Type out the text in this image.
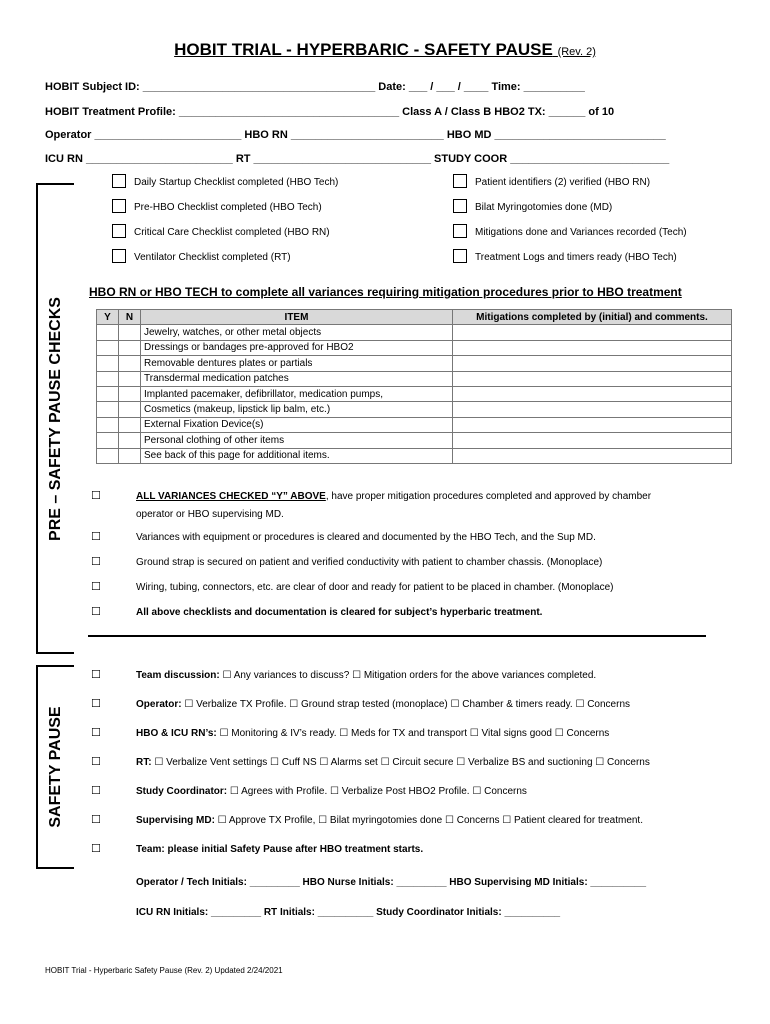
HOBIT TRIAL - HYPERBARIC - SAFETY PAUSE (Rev. 2)
HOBIT Subject ID: ______________________________________ Date: ___ / ___ / ____ Time: __________
HOBIT Treatment Profile: ____________________________________ Class A / Class B HBO2 TX: ______ of 10
Operator ________________________ HBO RN _________________________ HBO MD ____________________________
ICU RN ________________________ RT _____________________________ STUDY COOR __________________________
PRE – SAFETY PAUSE CHECKS
SAFETY PAUSE
Daily Startup Checklist completed (HBO Tech)
Pre-HBO Checklist completed (HBO Tech)
Critical Care Checklist completed (HBO RN)
Ventilator Checklist completed (RT)
Patient identifiers (2) verified (HBO RN)
Bilat Myringotomies done (MD)
Mitigations done and Variances recorded (Tech)
Treatment Logs and timers ready (HBO Tech)
HBO RN or HBO TECH to complete all variances requiring mitigation procedures prior to HBO treatment
Y	N	ITEM	Mitigations completed by (initial) and comments.
		Jewelry, watches, or other metal objects	
		Dressings or bandages pre-approved for HBO2	
		Removable dentures plates or partials	
		Transdermal medication patches	
		Implanted pacemaker, defibrillator, medication pumps,	
		Cosmetics (makeup, lipstick lip balm, etc.)	
		External Fixation Device(s)	
		Personal clothing of other items	
		See back of this page for additional items.	
☐	ALL VARIANCES CHECKED “Y” ABOVE, have proper mitigation procedures completed and approved by chamber
operator or HBO supervising MD.
☐	Variances with equipment or procedures is cleared and documented by the HBO Tech, and the Sup MD.
☐	Ground strap is secured on patient and verified conductivity with patient to chamber chassis. (Monoplace)
☐	Wiring, tubing, connectors, etc. are clear of door and ready for patient to be placed in chamber. (Monoplace)
☐	All above checklists and documentation is cleared for subject’s hyperbaric treatment.
☐	Team discussion: ☐ Any variances to discuss? ☐ Mitigation orders for the above variances completed.
☐	Operator: ☐ Verbalize TX Profile. ☐ Ground strap tested (monoplace) ☐ Chamber & timers ready. ☐ Concerns
☐	HBO & ICU RN’s: ☐ Monitoring & IV’s ready. ☐ Meds for TX and transport ☐ Vital signs good ☐ Concerns
☐	RT: ☐ Verbalize Vent settings ☐ Cuff NS ☐ Alarms set ☐ Circuit secure ☐ Verbalize BS and suctioning ☐ Concerns
☐	Study Coordinator: ☐ Agrees with Profile. ☐ Verbalize Post HBO2 Profile. ☐ Concerns
☐	Supervising MD: ☐ Approve TX Profile, ☐ Bilat myringotomies done ☐ Concerns ☐ Patient cleared for treatment.
☐	Team: please initial Safety Pause after HBO treatment starts.
Operator / Tech Initials: _________ HBO Nurse Initials: _________ HBO Supervising MD Initials: __________
ICU RN Initials: _________ RT Initials: __________ Study Coordinator Initials: __________
HOBIT Trial - Hyperbaric Safety Pause (Rev. 2) Updated 2/24/2021
